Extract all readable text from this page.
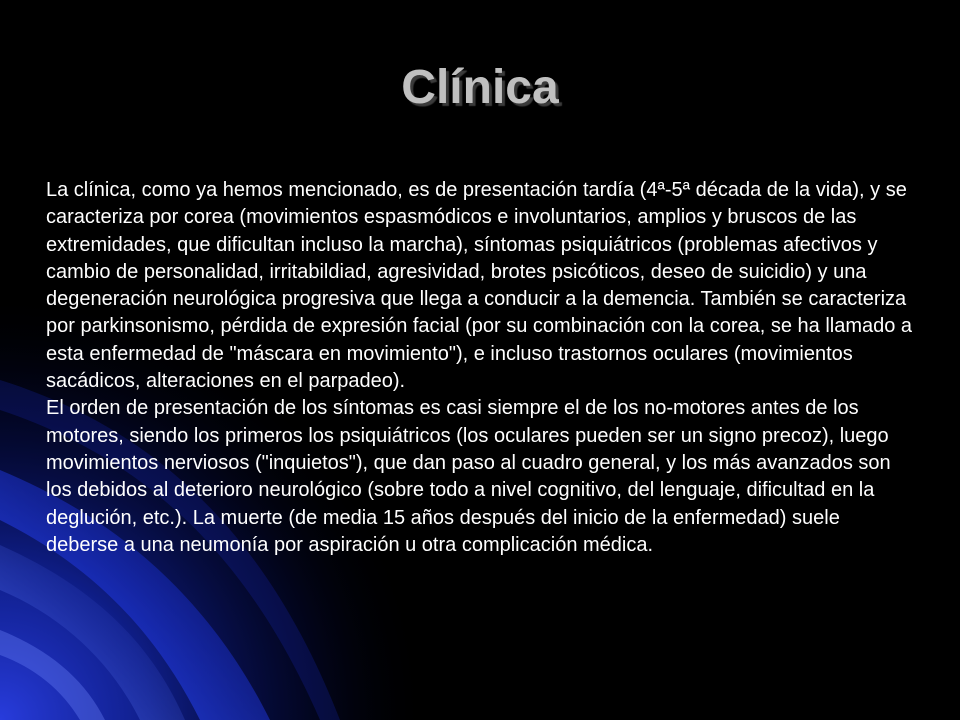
Clínica

La clínica, como ya hemos mencionado, es de presentación tardía (4ª-5ª década de la vida), y se caracteriza por corea (movimientos espasmódicos e involuntarios, amplios y bruscos de las extremidades, que dificultan incluso la marcha), síntomas psiquiátricos (problemas afectivos y cambio de personalidad, irritabildiad, agresividad, brotes psicóticos, deseo de suicidio) y una degeneración neurológica progresiva que llega a conducir a la demencia. También se caracteriza por parkinsonismo, pérdida de expresión facial (por su combinación con la corea, se ha llamado a esta enfermedad de "máscara en movimiento"), e incluso trastornos oculares (movimientos sacádicos, alteraciones en el parpadeo).

El orden de presentación de los síntomas es casi siempre el de los no-motores antes de los motores, siendo los primeros los psiquiátricos (los oculares pueden ser un signo precoz), luego movimientos nerviosos ("inquietos"), que dan paso al cuadro general, y los más avanzados son los debidos al deterioro neurológico (sobre todo a nivel cognitivo, del lenguaje, dificultad en la deglución, etc.). La muerte (de media 15 años después del inicio de la enfermedad) suele deberse a una neumonía por aspiración u otra complicación médica.
